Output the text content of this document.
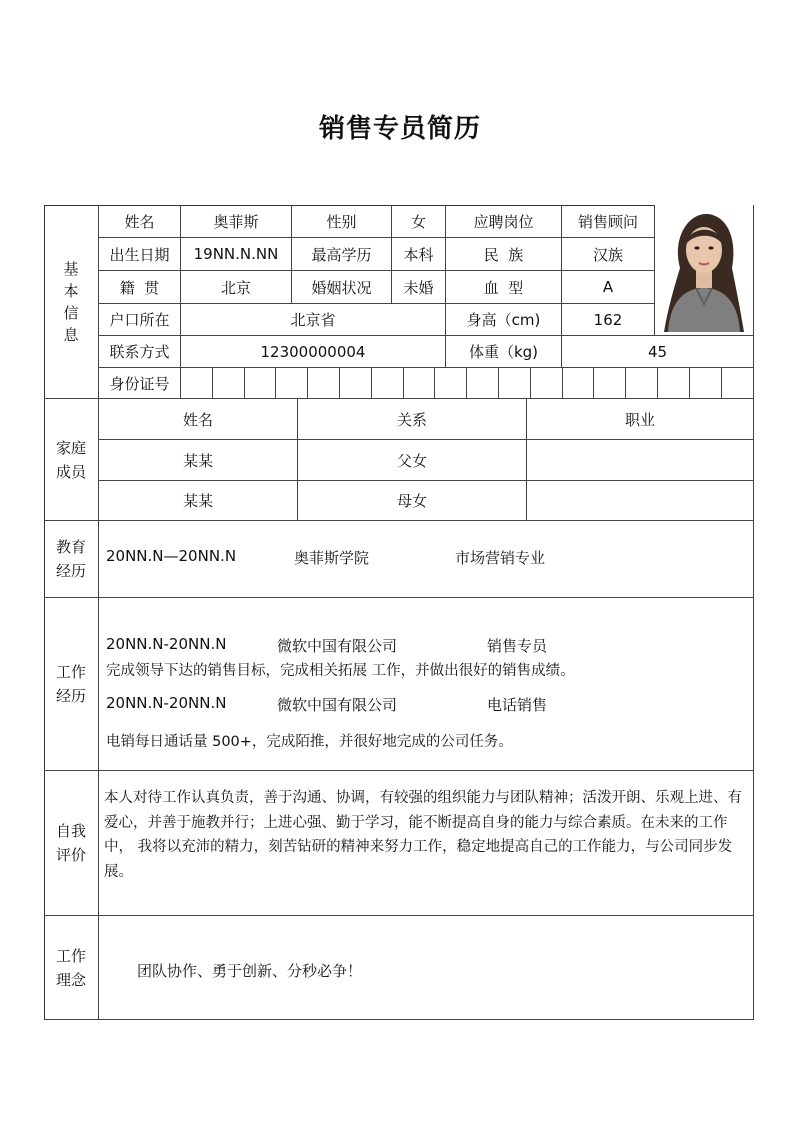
销售专员简历
基
本
信
息
姓名	奥菲斯	性别	女	应聘岗位	销售顾问
出生日期	19NN.N.NN	最高学历	本科	民  族	汉族
籍  贯	北京	婚姻状况	未婚	血  型	A
户口所在	北京省	身高（cm)	162
联系方式	12300000004	体重（kg)	45
身份证号
家庭
成员
姓名	关系	职业
某某	父女
某某	母女
教育
经历
20NN.N—20NN.N	奥菲斯学院	市场营销专业
工作
经历
20NN.N-20NN.N	微软中国有限公司	销售专员
完成领导下达的销售目标，完成相关拓展 工作，并做出很好的销售成绩。
20NN.N-20NN.N	微软中国有限公司	电话销售
电销每日通话量 500+，完成陌推，并很好地完成的公司任务。
自我
评价
本人对待工作认真负责，善于沟通、协调，有较强的组织能力与团队精神；活泼开朗、乐观上进、有爱心，并善于施教并行；上进心强、勤于学习，能不断提高自身的能力与综合素质。在未来的工作中， 我将以充沛的精力，刻苦钻研的精神来努力工作，稳定地提高自己的工作能力，与公司同步发展。
工作
理念	团队协作、勇于创新、分秒必争！
